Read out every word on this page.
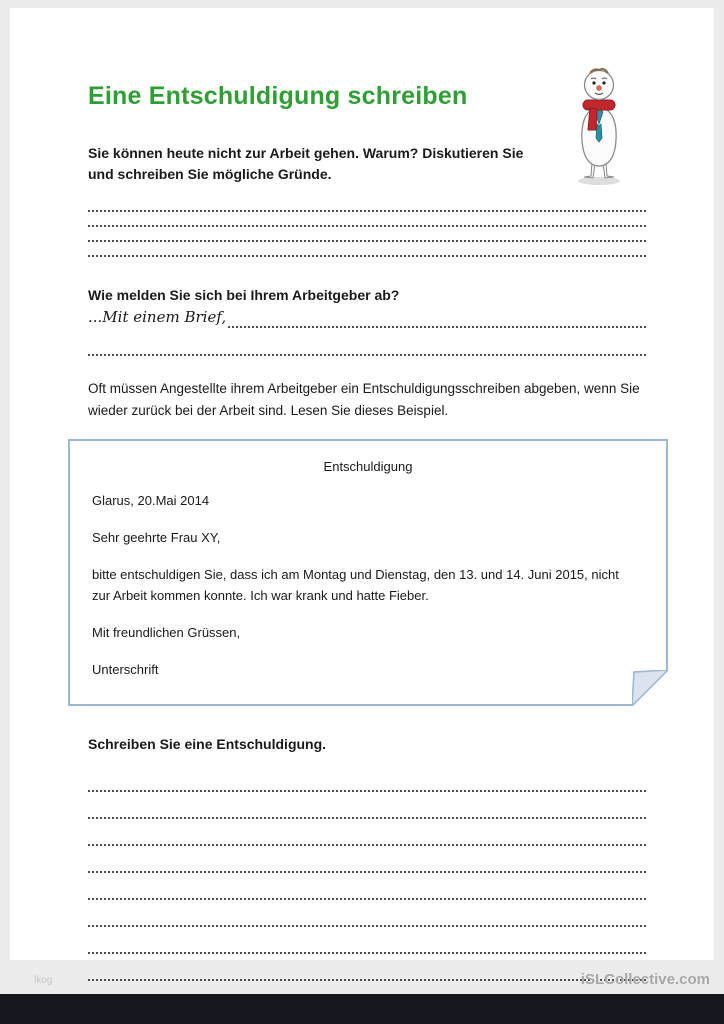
Eine Entschuldigung schreiben

Sie können heute nicht zur Arbeit gehen. Warum? Diskutieren Sie und schreiben Sie mögliche Gründe.

Wie melden Sie sich bei Ihrem Arbeitgeber ab?

...Mit einem Brief,

Oft müssen Angestellte ihrem Arbeitgeber ein Entschuldigungsschreiben abgeben, wenn Sie wieder zurück bei der Arbeit sind. Lesen Sie dieses Beispiel.

Entschuldigung

Glarus, 20.Mai 2014

Sehr geehrte Frau XY,

bitte entschuldigen Sie, dass ich am Montag und Dienstag, den 13. und 14. Juni 2015, nicht zur Arbeit kommen konnte. Ich war krank und hatte Fieber.

Mit freundlichen Grüssen,

Unterschrift

Schreiben Sie eine Entschuldigung.

lkog	iSLCollective.com
